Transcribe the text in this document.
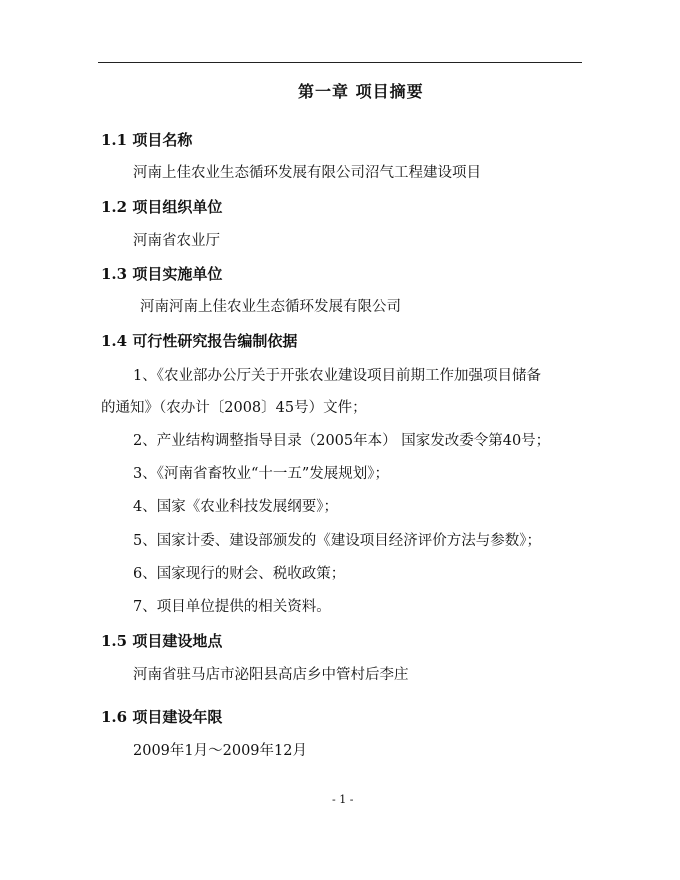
第一章 项目摘要
1.1 项目名称
河南上佳农业生态循环发展有限公司沼气工程建设项目
1.2 项目组织单位
河南省农业厅
1.3 项目实施单位
河南河南上佳农业生态循环发展有限公司
1.4 可行性研究报告编制依据
1、《农业部办公厅关于开张农业建设项目前期工作加强项目储备
的通知》（农办计〔2008〕45号）文件；
2、产业结构调整指导目录（2005年本） 国家发改委令第40号；
3、《河南省畜牧业“十一五”发展规划》；
4、国家《农业科技发展纲要》；
5、国家计委、建设部颁发的《建设项目经济评价方法与参数》；
6、国家现行的财会、税收政策；
7、项目单位提供的相关资料。
1.5 项目建设地点
河南省驻马店市泌阳县高店乡中管村后李庄
1.6 项目建设年限
2009年1月～2009年12月
- 1 -
